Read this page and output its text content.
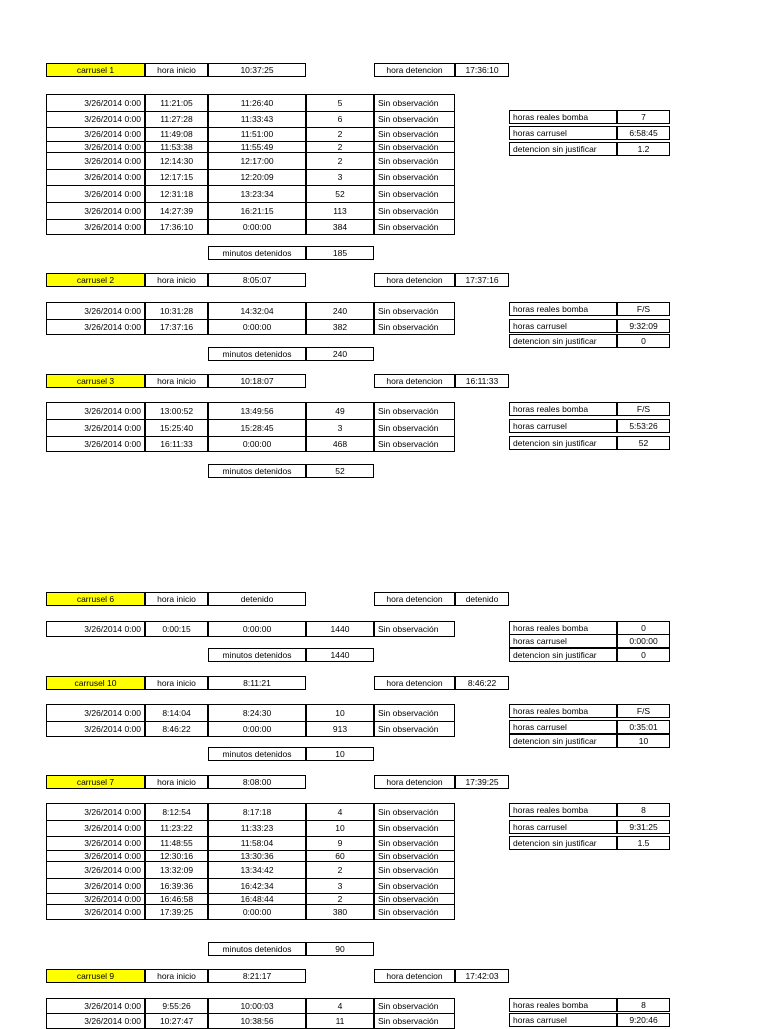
carrusel 1	hora inicio	10:37:25	hora detencion	17:36:10
3/26/2014 0:00	11:21:05	11:26:40	5	Sin observación
3/26/2014 0:00	11:27:28	11:33:43	6	Sin observación
3/26/2014 0:00	11:49:08	11:51:00	2	Sin observación
3/26/2014 0:00	11:53:38	11:55:49	2	Sin observación
3/26/2014 0:00	12:14:30	12:17:00	2	Sin observación
3/26/2014 0:00	12:17:15	12:20:09	3	Sin observación
3/26/2014 0:00	12:31:18	13:23:34	52	Sin observación
3/26/2014 0:00	14:27:39	16:21:15	113	Sin observación
3/26/2014 0:00	17:36:10	0:00:00	384	Sin observación
minutos detenidos	185
horas reales bomba	7
horas carrusel	6:58:45
detencion sin justificar	1.2
carrusel 2	hora inicio	8:05:07	hora detencion	17:37:16
3/26/2014 0:00	10:31:28	14:32:04	240	Sin observación
3/26/2014 0:00	17:37:16	0:00:00	382	Sin observación
minutos detenidos	240
horas reales bomba	F/S
horas carrusel	9:32:09
detencion sin justificar	0
carrusel 3	hora inicio	10:18:07	hora detencion	16:11:33
3/26/2014 0:00	13:00:52	13:49:56	49	Sin observación
3/26/2014 0:00	15:25:40	15:28:45	3	Sin observación
3/26/2014 0:00	16:11:33	0:00:00	468	Sin observación
minutos detenidos	52
horas reales bomba	F/S
horas carrusel	5:53:26
detencion sin justificar	52
carrusel 6	hora inicio	detenido	hora detencion	detenido
3/26/2014 0:00	0:00:15	0:00:00	1440	Sin observación
minutos detenidos	1440
horas reales bomba	0
horas carrusel	0:00:00
detencion sin justificar	0
carrusel 10	hora inicio	8:11:21	hora detencion	8:46:22
3/26/2014 0:00	8:14:04	8:24:30	10	Sin observación
3/26/2014 0:00	8:46:22	0:00:00	913	Sin observación
minutos detenidos	10
horas reales bomba	F/S
horas carrusel	0:35:01
detencion sin justificar	10
carrusel 7	hora inicio	8:08:00	hora detencion	17:39:25
3/26/2014 0:00	8:12:54	8:17:18	4	Sin observación
3/26/2014 0:00	11:23:22	11:33:23	10	Sin observación
3/26/2014 0:00	11:48:55	11:58:04	9	Sin observación
3/26/2014 0:00	12:30:16	13:30:36	60	Sin observación
3/26/2014 0:00	13:32:09	13:34:42	2	Sin observación
3/26/2014 0:00	16:39:36	16:42:34	3	Sin observación
3/26/2014 0:00	16:46:58	16:48:44	2	Sin observación
3/26/2014 0:00	17:39:25	0:00:00	380	Sin observación
minutos detenidos	90
horas reales bomba	8
horas carrusel	9:31:25
detencion sin justificar	1.5
carrusel 9	hora inicio	8:21:17	hora detencion	17:42:03
3/26/2014 0:00	9:55:26	10:00:03	4	Sin observación
3/26/2014 0:00	10:27:47	10:38:56	11	Sin observación
horas reales bomba	8
horas carrusel	9:20:46
